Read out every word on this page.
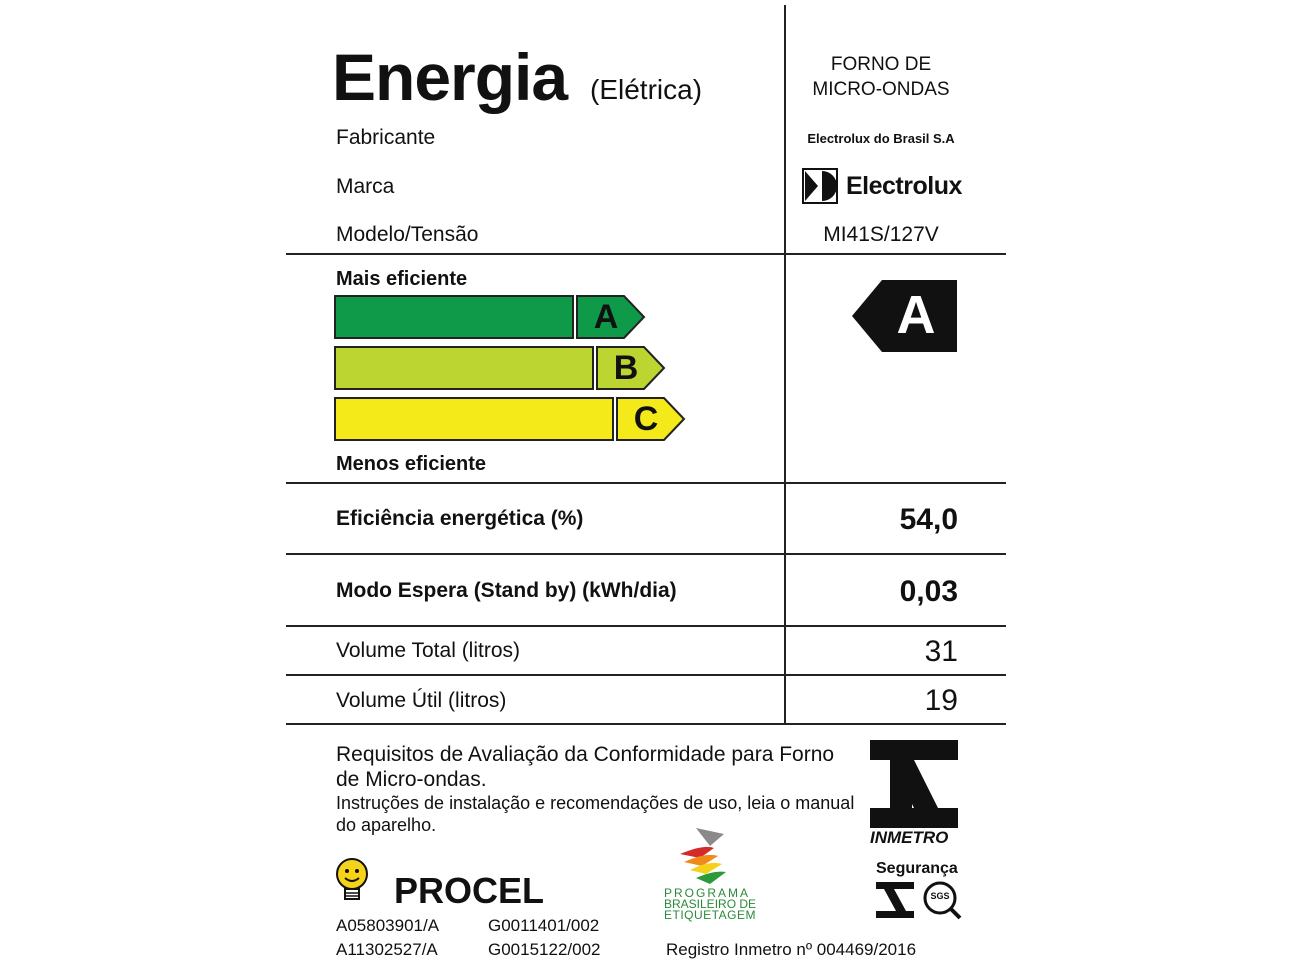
Energia (Elétrica)
FORNO DE
MICRO-ONDAS
Fabricante	Electrolux do Brasil S.A
Marca	Electrolux
Modelo/Tensão	MI41S/127V
Mais eficiente
A
B
C
Menos eficiente
A
Eficiência energética (%)	54,0
Modo Espera (Stand by) (kWh/dia)	0,03
Volume Total (litros)	31
Volume Útil (litros)	19
Requisitos de Avaliação da Conformidade para Forno de Micro-ondas.
Instruções de instalação e recomendações de uso, leia o manual do aparelho.
INMETRO
Segurança
SGS
PROCEL
A05803901/A	G0011401/002
A11302527/A	G0015122/002
PROGRAMA
BRASILEIRO DE
ETIQUETAGEM
Registro Inmetro nº 004469/2016
